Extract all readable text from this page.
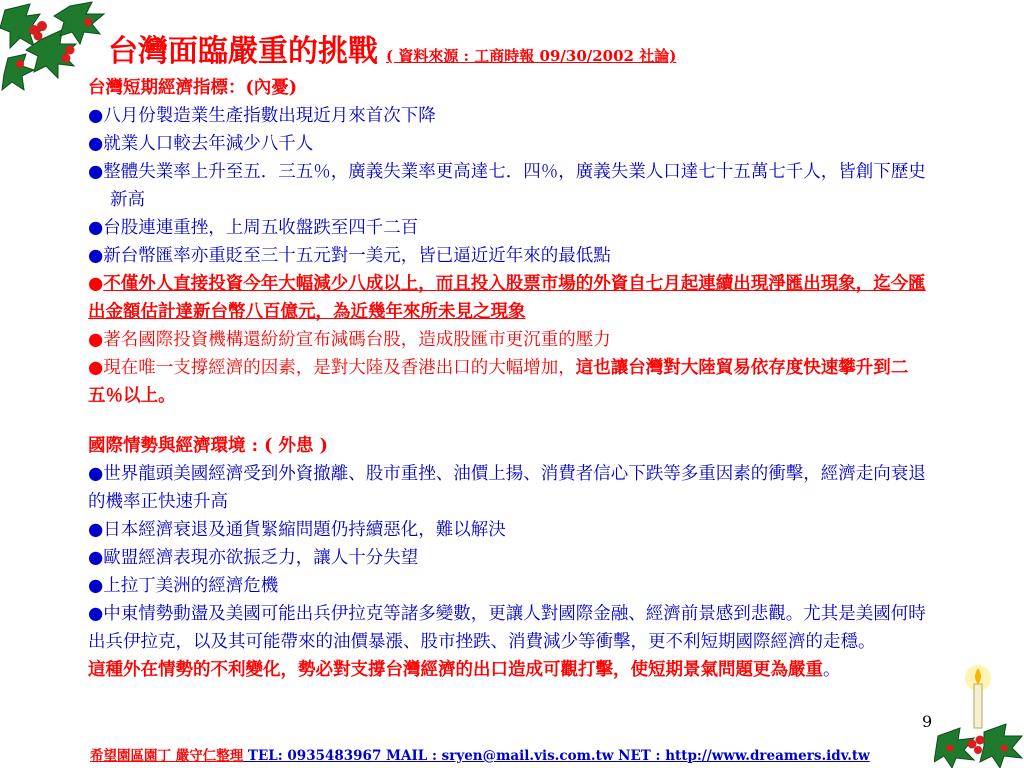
台灣面臨嚴重的挑戰 ( 資料來源 : 工商時報 09/30/2002 社論)
台灣短期經濟指標：(內憂)
●八月份製造業生產指數出現近月來首次下降
●就業人口較去年減少八千人
●整體失業率上升至五．三五％，廣義失業率更高達七．四％，廣義失業人口達七十五萬七千人，皆創下歷史新高
●台股連連重挫，上周五收盤跌至四千二百
●新台幣匯率亦重貶至三十五元對一美元，皆已逼近近年來的最低點
●不僅外人直接投資今年大幅減少八成以上，而且投入股票市場的外資自七月起連續出現淨匯出現象，迄今匯出金額估計達新台幣八百億元，為近幾年來所未見之現象
●著名國際投資機構還紛紛宣布減碼台股，造成股匯市更沉重的壓力
●現在唯一支撐經濟的因素，是對大陸及香港出口的大幅增加，這也讓台灣對大陸貿易依存度快速攀升到二五％以上。
國際情勢與經濟環境 : ( 外患 )
●世界龍頭美國經濟受到外資撤離、股市重挫、油價上揚、消費者信心下跌等多重因素的衝擊，經濟走向衰退的機率正快速升高
●日本經濟衰退及通貨緊縮問題仍持續惡化，難以解決
●歐盟經濟表現亦欲振乏力，讓人十分失望
●上拉丁美洲的經濟危機
●中東情勢動盪及美國可能出兵伊拉克等諸多變數，更讓人對國際金融、經濟前景感到悲觀。尤其是美國何時出兵伊拉克，以及其可能帶來的油價暴漲、股市挫跌、消費減少等衝擊，更不利短期國際經濟的走穩。
這種外在情勢的不利變化，勢必對支撐台灣經濟的出口造成可觀打擊，使短期景氣問題更為嚴重。
9
希望園區園丁 嚴守仁整理 TEL: 0935483967 MAIL : sryen@mail.vis.com.tw NET : http://www.dreamers.idv.tw
